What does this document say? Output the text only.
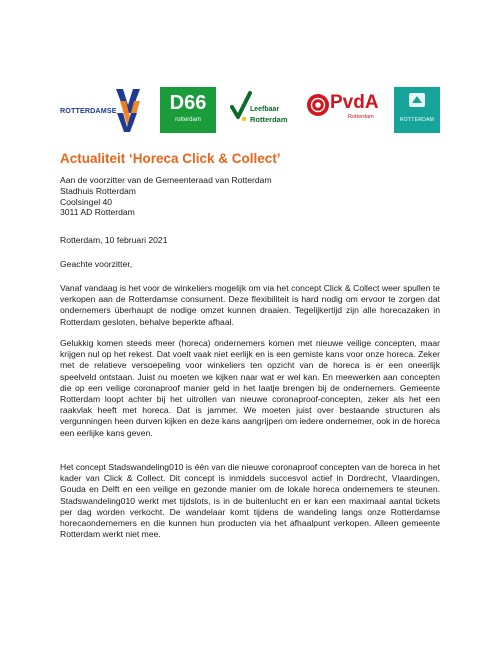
ROTTERDAMSE	D66
rotterdam
Leefbaar
Rotterdam
PvdA
Rotterdam	ROTTERDAM
Actualiteit ‘Horeca Click & Collect’
Aan de voorzitter van de Gemeenteraad van Rotterdam
Stadhuis Rotterdam
Coolsingel 40
3011 AD Rotterdam
Rotterdam, 10 februari 2021
Geachte voorzitter,

Vanaf vandaag is het voor de winkeliers mogelijk om via het concept Click & Collect weer spullen te verkopen aan de Rotterdamse consument. Deze flexibiliteit is hard nodig om ervoor te zorgen dat ondernemers überhaupt de nodige omzet kunnen draaien. Tegelijkertijd zijn alle horecazaken in Rotterdam gesloten, behalve beperkte afhaal.

Gelukkig komen steeds meer (horeca) ondernemers komen met nieuwe veilige concepten, maar krijgen nul op het rekest. Dat voelt vaak niet eerlijk en is een gemiste kans voor onze horeca. Zeker met de relatieve versoepeling voor winkeliers ten opzicht van de horeca is er een oneerlijk speelveld ontstaan. Juist nu moeten we kijken naar wat er wel kan. En meewerken aan concepten die op een veilige coronaproof manier geld in het laatje brengen bij de ondernemers. Gemeente Rotterdam loopt achter bij het uitrollen van nieuwe coronaproof-concepten, zeker als het een raakvlak heeft met horeca. Dat is jammer. We moeten juist over bestaande structuren als vergunningen heen durven kijken en deze kans aangrijpen om iedere ondernemer, ook in de horeca een eerlijke kans geven.

Het concept Stadswandeling010 is één van die nieuwe coronaproof concepten van de horeca in het kader van Click & Collect. Dit concept is inmiddels succesvol actief in Dordrecht, Vlaardingen, Gouda en Delft en een veilige en gezonde manier om de lokale horeca ondernemers te steunen. Stadswandeling010 werkt met tijdslots, is in de buitenlucht en er kan een maximaal aantal tickets per dag worden verkocht. De wandelaar komt tijdens de wandeling langs onze Rotterdamse horecaondernemers en die kunnen hun producten via het afhaalpunt verkopen. Alleen gemeente Rotterdam werkt niet mee.
